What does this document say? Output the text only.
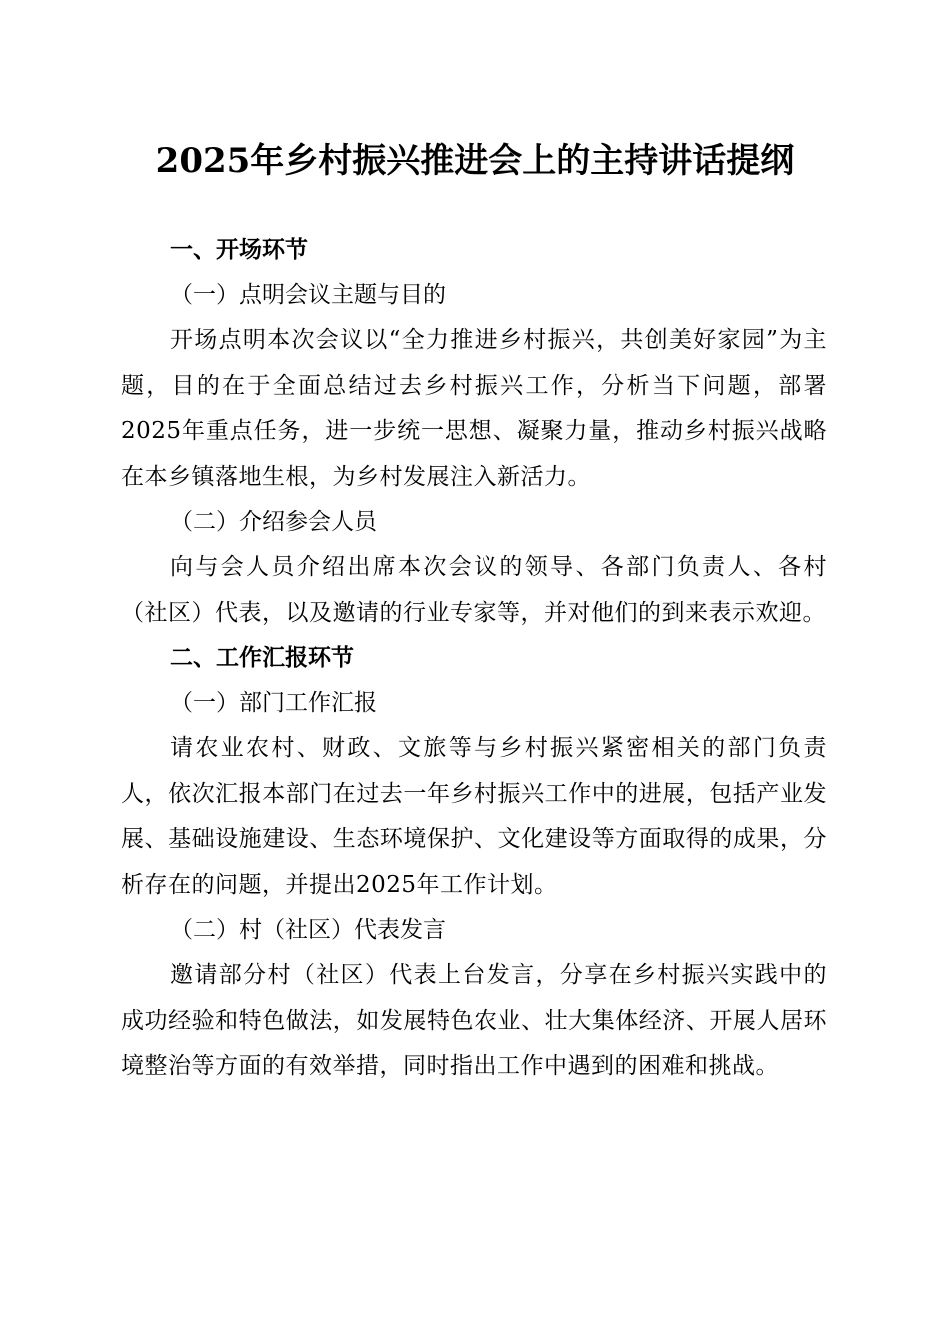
2025年乡村振兴推进会上的主持讲话提纲
一、开场环节
（一）点明会议主题与目的

开场点明本次会议以“全力推进乡村振兴，共创美好家园”为主题，目的在于全面总结过去乡村振兴工作，分析当下问题，部署2025年重点任务，进一步统一思想、凝聚力量，推动乡村振兴战略在本乡镇落地生根，为乡村发展注入新活力。

（二）介绍参会人员

向与会人员介绍出席本次会议的领导、各部门负责人、各村（社区）代表，以及邀请的行业专家等，并对他们的到来表示欢迎。

二、工作汇报环节
（一）部门工作汇报

请农业农村、财政、文旅等与乡村振兴紧密相关的部门负责人，依次汇报本部门在过去一年乡村振兴工作中的进展，包括产业发展、基础设施建设、生态环境保护、文化建设等方面取得的成果，分析存在的问题，并提出2025年工作计划。

（二）村（社区）代表发言

邀请部分村（社区）代表上台发言，分享在乡村振兴实践中的成功经验和特色做法，如发展特色农业、壮大集体经济、开展人居环境整治等方面的有效举措，同时指出工作中遇到的困难和挑战。
